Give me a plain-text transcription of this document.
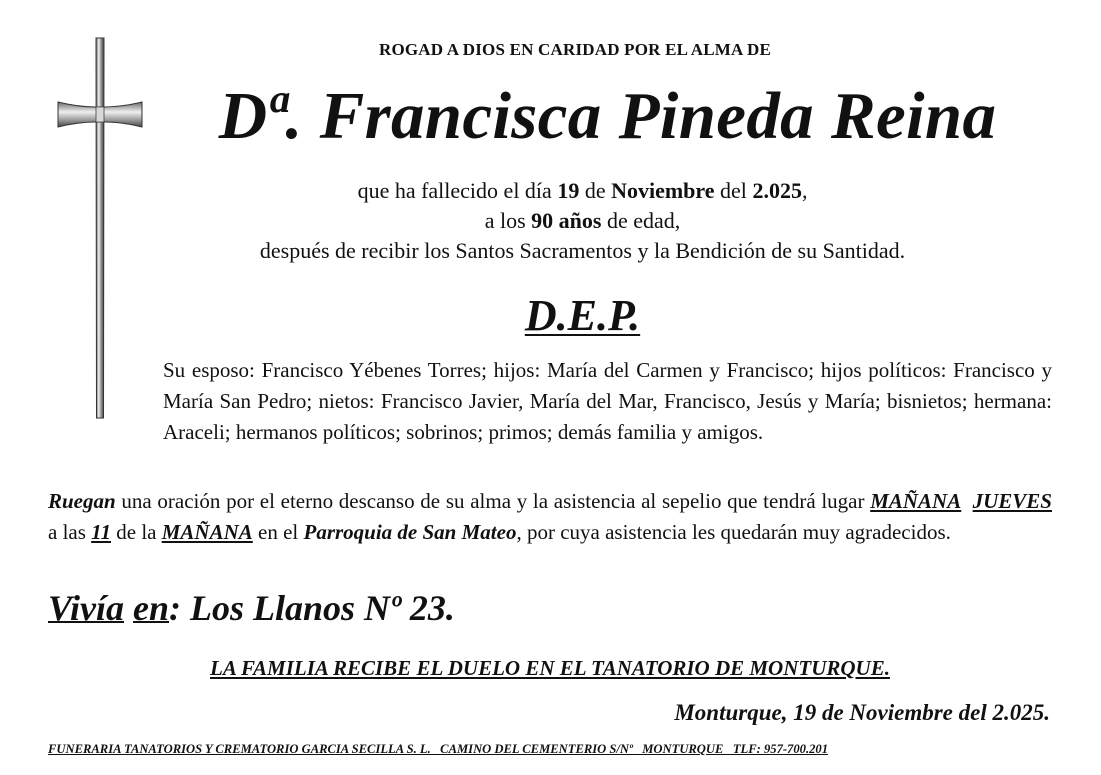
ROGAD A DIOS EN CARIDAD POR EL ALMA DE
Dª. Francisca Pineda Reina
que ha fallecido el día 19 de Noviembre del 2.025,
a los 90 años de edad,
después de recibir los Santos Sacramentos y la Bendición de su Santidad.
D.E.P.
Su esposo: Francisco Yébenes Torres; hijos: María del Carmen y Francisco; hijos políticos: Francisco y María San Pedro; nietos: Francisco Javier, María del Mar, Francisco, Jesús y María; bisnietos; hermana: Araceli; hermanos políticos; sobrinos; primos; demás familia y amigos.
Ruegan una oración por el eterno descanso de su alma y la asistencia al sepelio que tendrá lugar MAÑANA JUEVES a las 11 de la MAÑANA en el Parroquia de San Mateo, por cuya asistencia les quedarán muy agradecidos.
Vivía en: Los Llanos Nº 23.
LA FAMILIA RECIBE EL DUELO EN EL TANATORIO DE MONTURQUE.
Monturque, 19 de Noviembre del 2.025.
FUNERARIA TANATORIOS Y CREMATORIO GARCIA SECILLA S. L.   CAMINO DEL CEMENTERIO S/Nº   MONTURQUE   TLF: 957-700.201
